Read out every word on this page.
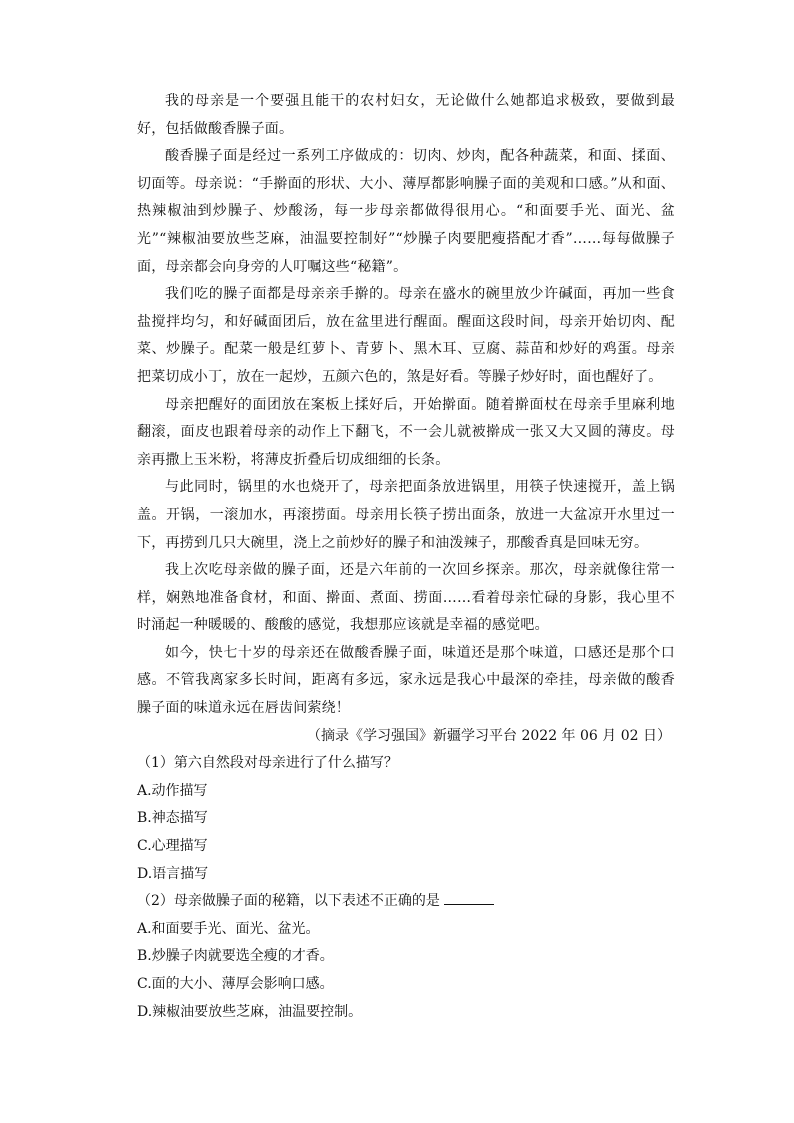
我的母亲是一个要强且能干的农村妇女，无论做什么她都追求极致，要做到最好，包括做酸香臊子面。

酸香臊子面是经过一系列工序做成的：切肉、炒肉，配各种蔬菜，和面、揉面、切面等。母亲说：“手擀面的形状、大小、薄厚都影响臊子面的美观和口感。”从和面、热辣椒油到炒臊子、炒酸汤，每一步母亲都做得很用心。“和面要手光、面光、盆光”“辣椒油要放些芝麻，油温要控制好”“炒臊子肉要肥瘦搭配才香”……每每做臊子面，母亲都会向身旁的人叮嘱这些“秘籍”。

我们吃的臊子面都是母亲亲手擀的。母亲在盛水的碗里放少许碱面，再加一些食盐搅拌均匀，和好碱面团后，放在盆里进行醒面。醒面这段时间，母亲开始切肉、配菜、炒臊子。配菜一般是红萝卜、青萝卜、黑木耳、豆腐、蒜苗和炒好的鸡蛋。母亲把菜切成小丁，放在一起炒，五颜六色的，煞是好看。等臊子炒好时，面也醒好了。

母亲把醒好的面团放在案板上揉好后，开始擀面。随着擀面杖在母亲手里麻利地翻滚，面皮也跟着母亲的动作上下翻飞，不一会儿就被擀成一张又大又圆的薄皮。母亲再撒上玉米粉，将薄皮折叠后切成细细的长条。

与此同时，锅里的水也烧开了，母亲把面条放进锅里，用筷子快速搅开，盖上锅盖。开锅，一滚加水，再滚捞面。母亲用长筷子捞出面条，放进一大盆凉开水里过一下，再捞到几只大碗里，浇上之前炒好的臊子和油泼辣子，那酸香真是回味无穷。

我上次吃母亲做的臊子面，还是六年前的一次回乡探亲。那次，母亲就像往常一样，娴熟地准备食材，和面、擀面、煮面、捞面……看着母亲忙碌的身影，我心里不时涌起一种暖暖的、酸酸的感觉，我想那应该就是幸福的感觉吧。

如今，快七十岁的母亲还在做酸香臊子面，味道还是那个味道，口感还是那个口感。不管我离家多长时间，距离有多远，家永远是我心中最深的牵挂，母亲做的酸香臊子面的味道永远在唇齿间萦绕！

（摘录《学习强国》新疆学习平台 2022 年 06 月 02 日）

（1）第六自然段对母亲进行了什么描写？

A.动作描写

B.神态描写

C.心理描写

D.语言描写

（2）母亲做臊子面的秘籍，以下表述不正确的是

A.和面要手光、面光、盆光。

B.炒臊子肉就要选全瘦的才香。

C.面的大小、薄厚会影响口感。

D.辣椒油要放些芝麻，油温要控制。
